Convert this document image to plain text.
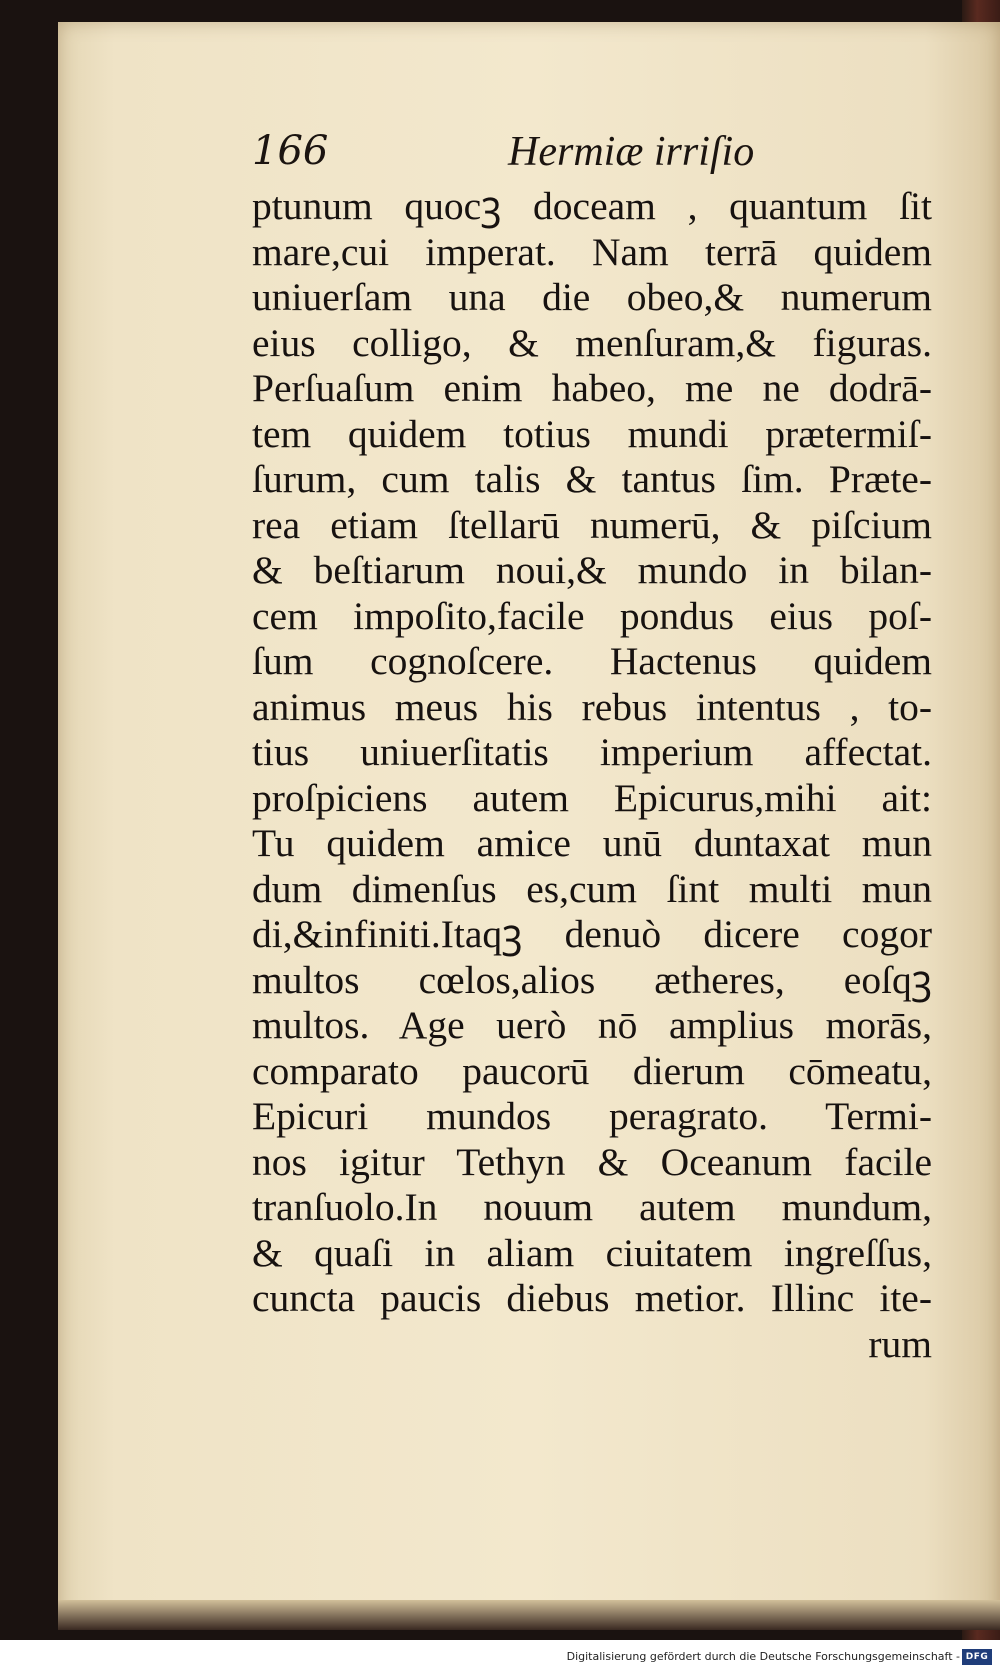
166	Hermiæ irriſio
ptunum quocꝫ doceam , quantum ſit
mare,cui imperat. Nam terrā quidem
uniuerſam una die obeo,& numerum
eius colligo, & menſuram,& figuras.
Perſuaſum enim habeo, me ne dodrā-
tem quidem totius mundi prætermiſ-
ſurum, cum talis & tantus ſim. Præte-
rea etiam ſtellarū numerū, & piſcium
& beſtiarum noui,& mundo in bilan-
cem impoſito,facile pondus eius poſ-
ſum cognoſcere. Hactenus quidem
animus meus his rebus intentus , to-
tius uniuerſitatis imperium affectat.
proſpiciens autem Epicurus,mihi ait:
Tu quidem amice unū duntaxat mun
dum dimenſus es,cum ſint multi mun
di,&infiniti.Itaqꝫ denuò dicere cogor
multos cœlos,alios ætheres, eoſqꝫ
multos. Age uerò nō amplius morās,
comparato paucorū dierum cōmeatu,
Epicuri mundos peragrato. Termi-
nos igitur Tethyn & Oceanum facile
tranſuolo.In nouum autem mundum,
& quaſi in aliam ciuitatem ingreſſus,
cuncta paucis diebus metior. Illinc ite-
rum
Digitalisierung gefördert durch die Deutsche Forschungsgemeinschaft - DFG
